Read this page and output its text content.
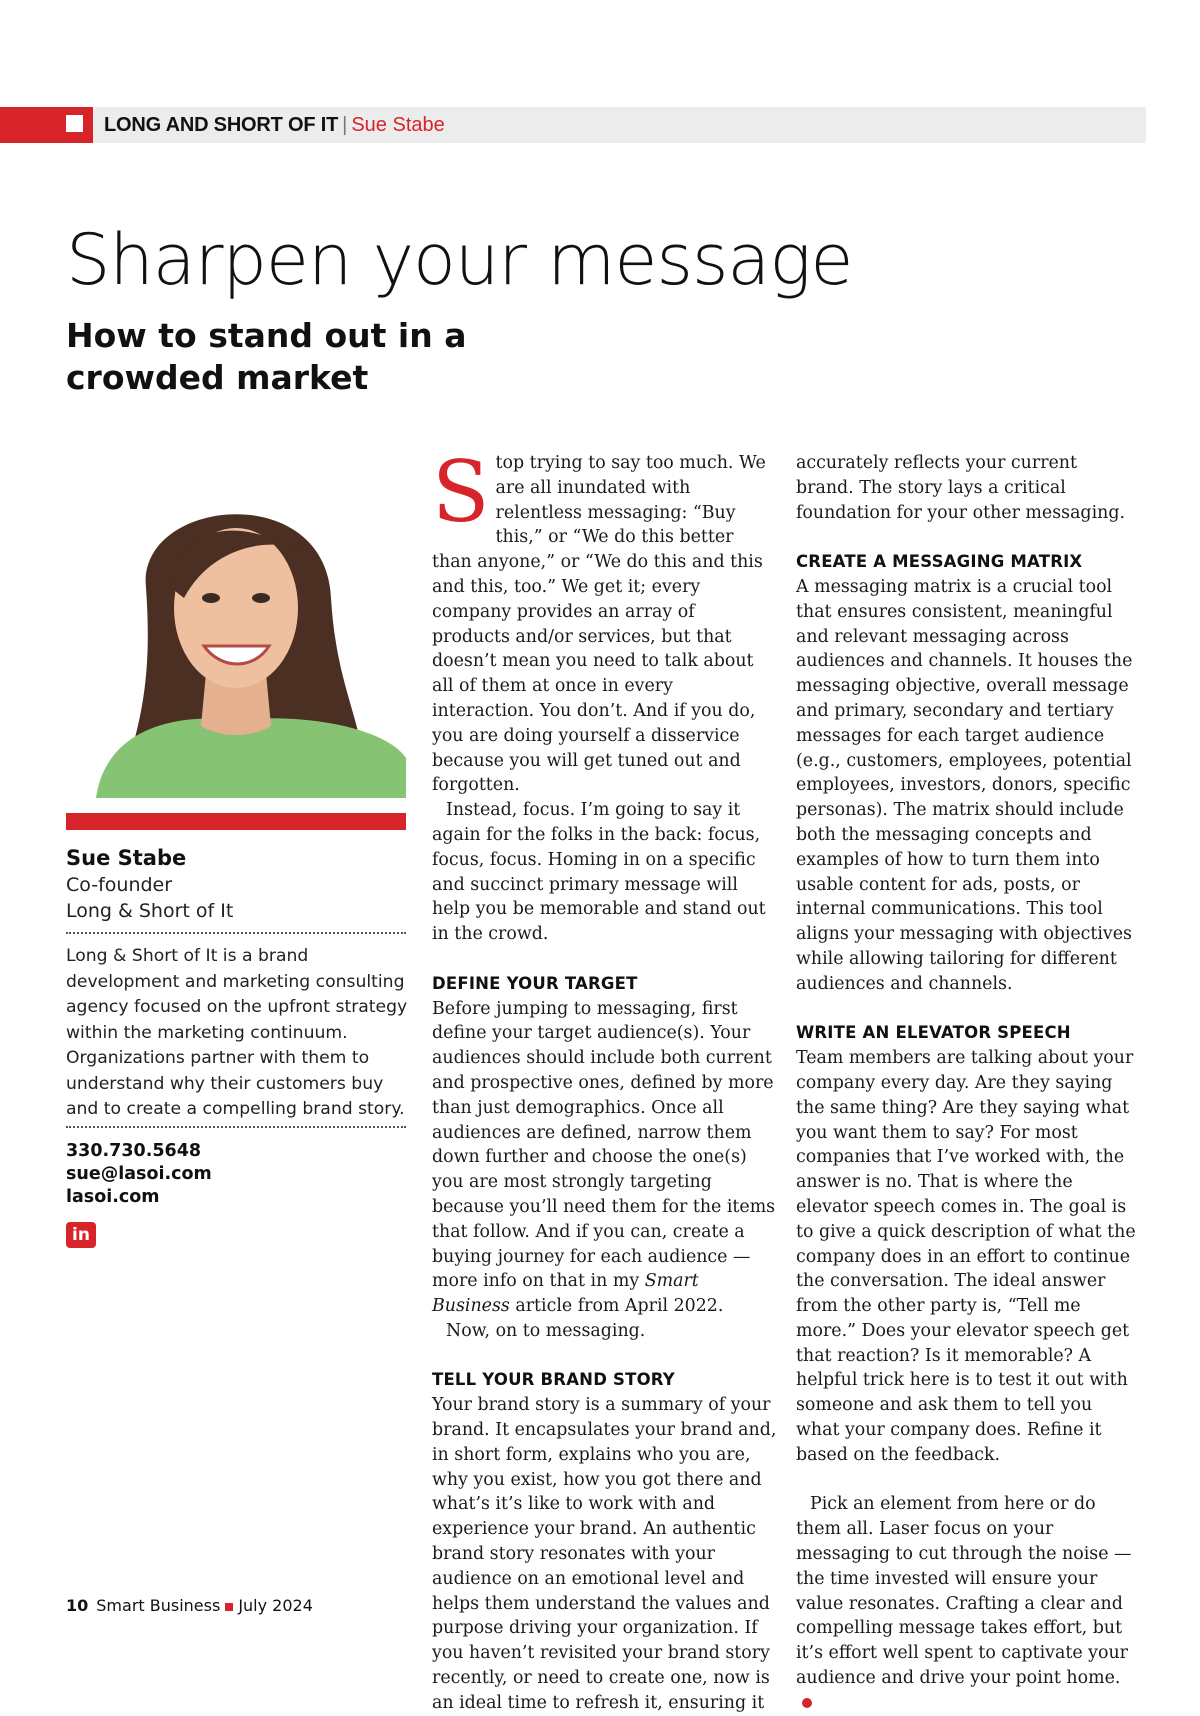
LONG AND SHORT OF IT | Sue Stabe
Sharpen your message
How to stand out in a crowded market
Sue Stabe
Co-founder
Long & Short of It

Long & Short of It is a brand development and marketing consulting agency focused on the upfront strategy within the marketing continuum. Organizations partner with them to understand why their customers buy and to create a compelling brand story.

330.730.5648
sue@lasoi.com
lasoi.com
in

Stop trying to say too much. We are all inundated with relentless messaging: “Buy this,” or “We do this better than anyone,” or “We do this and this and this, too.” We get it; every company provides an array of products and/or services, but that doesn’t mean you need to talk about all of them at once in every interaction. You don’t. And if you do, you are doing yourself a disservice because you will get tuned out and forgotten.

Instead, focus. I’m going to say it again for the folks in the back: focus, focus, focus. Homing in on a specific and succinct primary message will help you be memorable and stand out in the crowd.

DEFINE YOUR TARGET

Before jumping to messaging, first define your target audience(s). Your audiences should include both current and prospective ones, defined by more than just demographics. Once all audiences are defined, narrow them down further and choose the one(s) you are most strongly targeting because you’ll need them for the items that follow. And if you can, create a buying journey for each audience — more info on that in my Smart Business article from April 2022.

Now, on to messaging.

TELL YOUR BRAND STORY

Your brand story is a summary of your brand. It encapsulates your brand and, in short form, explains who you are, why you exist, how you got there and what’s it’s like to work with and experience your brand. An authentic brand story resonates with your audience on an emotional level and helps them understand the values and purpose driving your organization. If you haven’t revisited your brand story recently, or need to create one, now is an ideal time to refresh it, ensuring it

accurately reflects your current brand. The story lays a critical foundation for your other messaging.

CREATE A MESSAGING MATRIX

A messaging matrix is a crucial tool that ensures consistent, meaningful and relevant messaging across audiences and channels. It houses the messaging objective, overall message and primary, secondary and tertiary messages for each target audience (e.g., customers, employees, potential employees, investors, donors, specific personas). The matrix should include both the messaging concepts and examples of how to turn them into usable content for ads, posts, or internal communications. This tool aligns your messaging with objectives while allowing tailoring for different audiences and channels.

WRITE AN ELEVATOR SPEECH

Team members are talking about your company every day. Are they saying the same thing? Are they saying what you want them to say? For most companies that I’ve worked with, the answer is no. That is where the elevator speech comes in. The goal is to give a quick description of what the company does in an effort to continue the conversation. The ideal answer from the other party is, “Tell me more.” Does your elevator speech get that reaction? Is it memorable? A helpful trick here is to test it out with someone and ask them to tell you what your company does. Refine it based on the feedback.

Pick an element from here or do them all. Laser focus on your messaging to cut through the noise — the time invested will ensure your value resonates. Crafting a clear and compelling message takes effort, but it’s effort well spent to captivate your audience and drive your point home.

10 Smart Business July 2024
